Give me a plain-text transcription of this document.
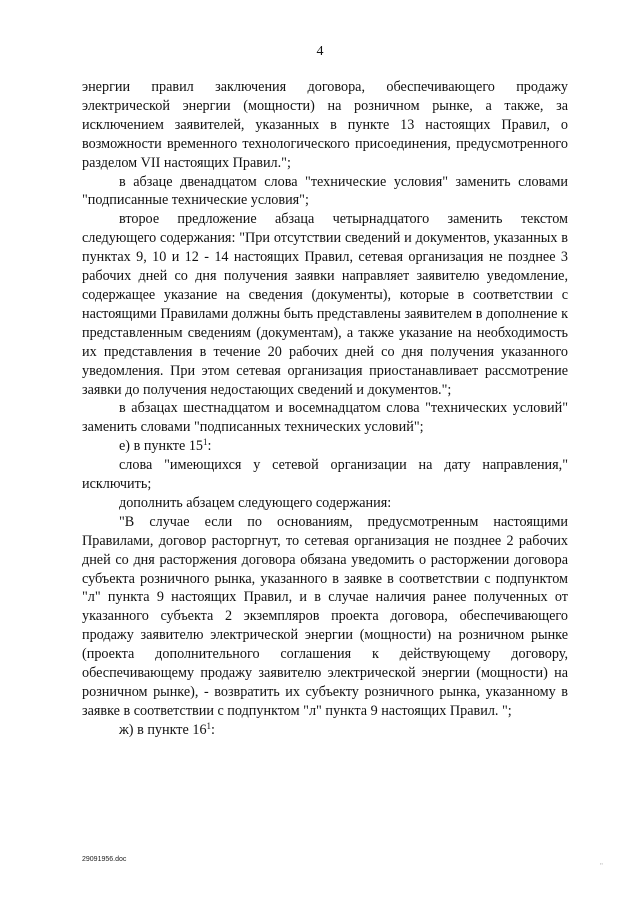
4

энергии правил заключения договора, обеспечивающего продажу электрической энергии (мощности) на розничном рынке, а также, за исключением заявителей, указанных в пункте 13 настоящих Правил, о возможности временного технологического присоединения, предусмотренного разделом VII настоящих Правил.";

в абзаце двенадцатом слова "технические условия" заменить словами "подписанные технические условия";

второе предложение абзаца четырнадцатого заменить текстом следующего содержания: "При отсутствии сведений и документов, указанных в пунктах 9, 10 и 12 - 14 настоящих Правил, сетевая организация не позднее 3 рабочих дней со дня получения заявки направляет заявителю уведомление, содержащее указание на сведения (документы), которые в соответствии с настоящими Правилами должны быть представлены заявителем в дополнение к представленным сведениям (документам), а также указание на необходимость их представления в течение 20 рабочих дней со дня получения указанного уведомления. При этом сетевая организация приостанавливает рассмотрение заявки до получения недостающих сведений и документов.";

в абзацах шестнадцатом и восемнадцатом слова "технических условий" заменить словами "подписанных технических условий";

е) в пункте $15^1$:

слова "имеющихся у сетевой организации на дату направления," исключить;

дополнить абзацем следующего содержания:

"В случае если по основаниям, предусмотренным настоящими Правилами, договор расторгнут, то сетевая организация не позднее 2 рабочих дней со дня расторжения договора обязана уведомить о расторжении договора субъекта розничного рынка, указанного в заявке в соответствии с подпунктом "л" пункта 9 настоящих Правил, и в случае наличия ранее полученных от указанного субъекта 2 экземпляров проекта договора, обеспечивающего продажу заявителю электрической энергии (мощности) на розничном рынке (проекта дополнительного соглашения к действующему договору, обеспечивающему продажу заявителю электрической энергии (мощности) на розничном рынке), - возвратить их субъекту розничного рынка, указанному в заявке в соответствии с подпунктом "л" пункта 9 настоящих Правил. ";

ж) в пункте $16^1$:

29091956.doc
"
